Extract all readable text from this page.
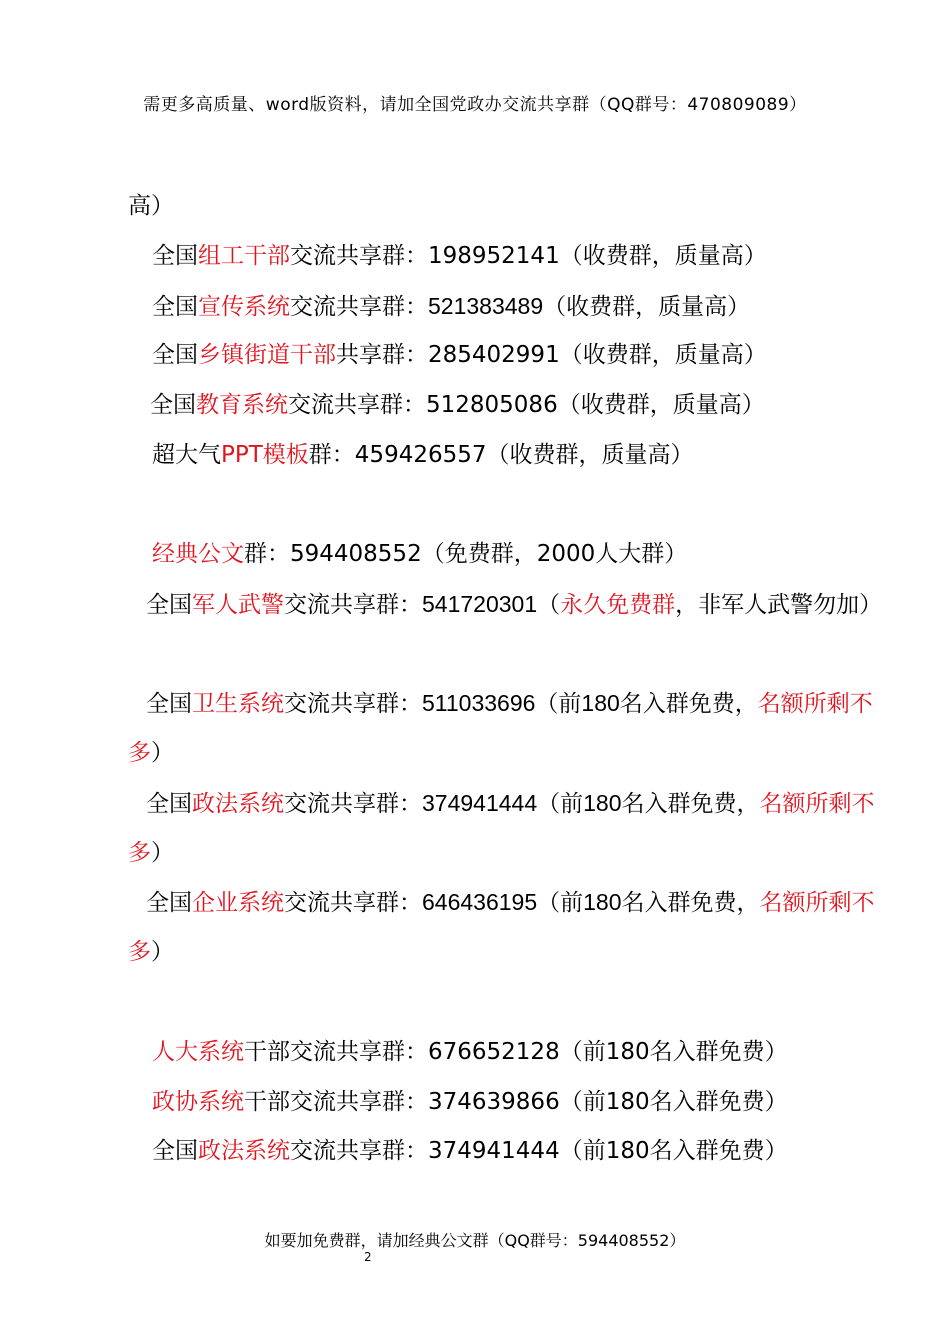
需更多高质量、word版资料，请加全国党政办交流共享群（QQ群号：470809089）
高）
全国组工干部交流共享群：198952141（收费群，质量高）
全国宣传系统交流共享群：521383489（收费群，质量高）
全国乡镇街道干部共享群：285402991（收费群，质量高）
全国教育系统交流共享群：512805086（收费群，质量高）
超大气PPT模板群：459426557（收费群，质量高）
经典公文群：594408552（免费群，2000人大群）
全国军人武警交流共享群：541720301（永久免费群，非军人武警勿加）
全国卫生系统交流共享群：511033696（前180名入群免费，名额所剩不
多）
全国政法系统交流共享群：374941444（前180名入群免费，名额所剩不
多）
全国企业系统交流共享群：646436195（前180名入群免费，名额所剩不
多）
人大系统干部交流共享群：676652128（前180名入群免费）
政协系统干部交流共享群：374639866（前180名入群免费）
全国政法系统交流共享群：374941444（前180名入群免费）
如要加免费群，请加经典公文群（QQ群号：594408552）
2
